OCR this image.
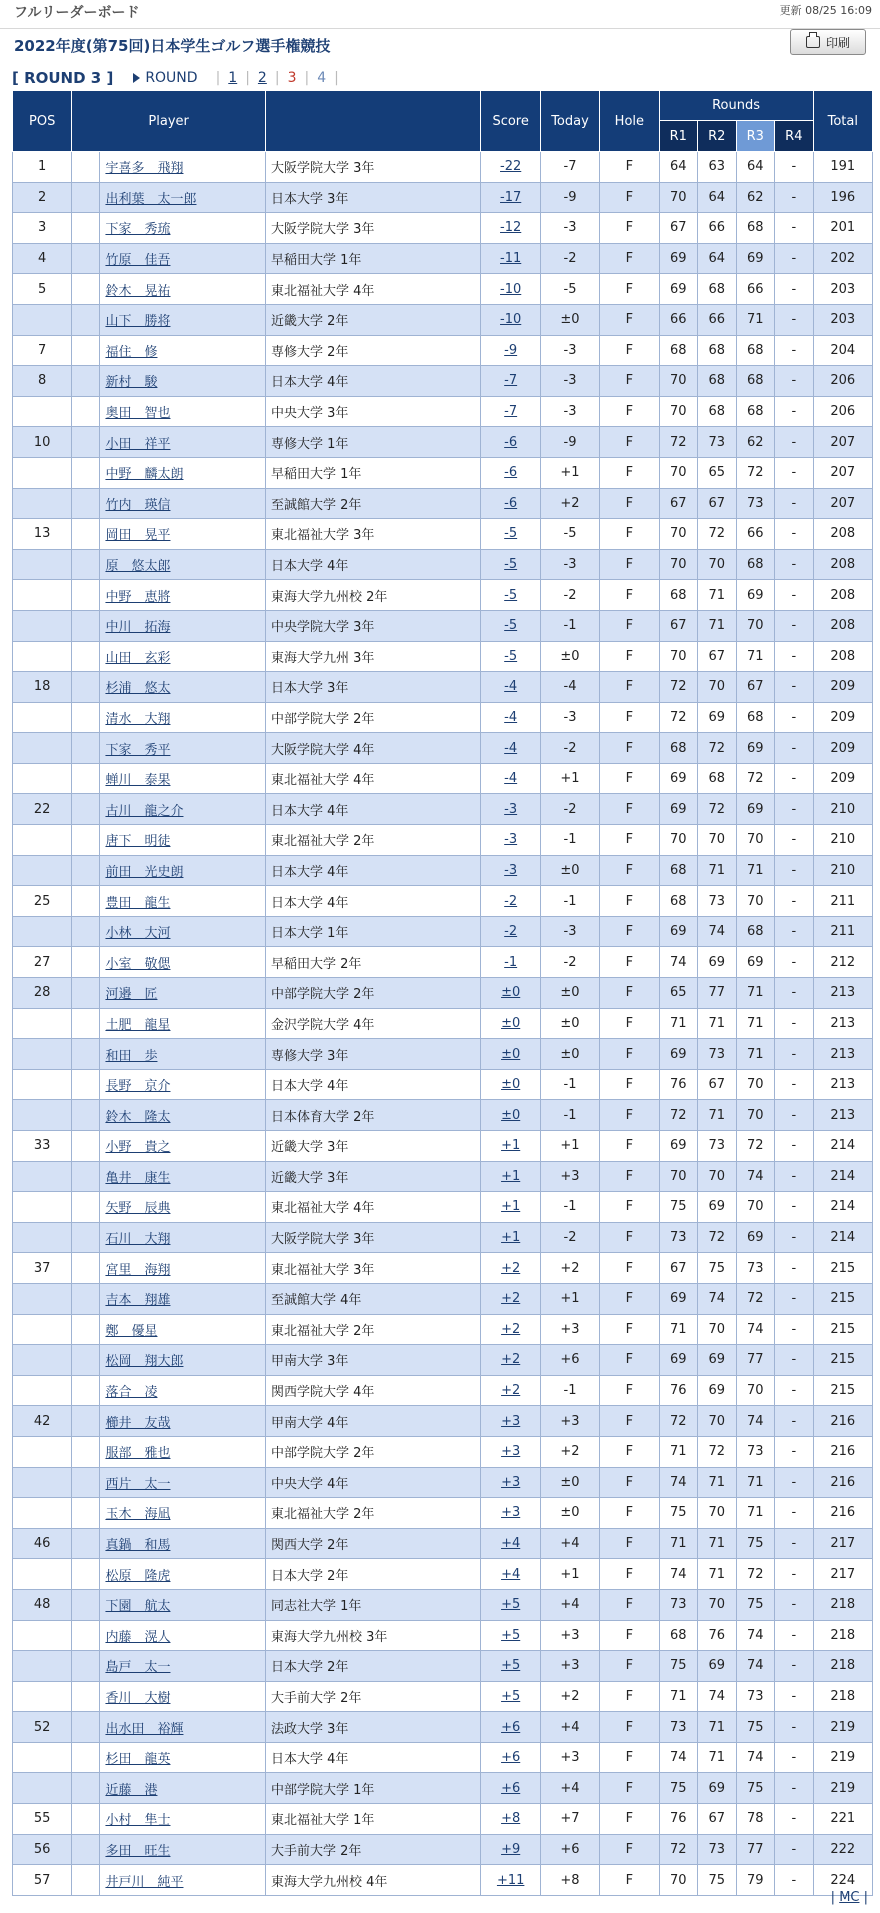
フルリーダーボード	更新 08/25 16:09
2022年度(第75回)日本学生ゴルフ選手権競技	印刷
[ ROUND 3 ] ROUND | 1 | 2 | 3 | 4 |
POS	Player			Score	Today	Hole	Rounds				Total
							R1	R2	R3	R4	
1		宇喜多　飛翔	大阪学院大学 3年	-22	-7	F	64	63	64	-	191
2		出利葉　太一郎	日本大学 3年	-17	-9	F	70	64	62	-	196
3		下家　秀琉	大阪学院大学 3年	-12	-3	F	67	66	68	-	201
4		竹原　佳吾	早稲田大学 1年	-11	-2	F	69	64	69	-	202
5		鈴木　晃祐	東北福祉大学 4年	-10	-5	F	69	68	66	-	203
		山下　勝将	近畿大学 2年	-10	±0	F	66	66	71	-	203
7		福住　修	専修大学 2年	-9	-3	F	68	68	68	-	204
8		新村　駿	日本大学 4年	-7	-3	F	70	68	68	-	206
		奥田　智也	中央大学 3年	-7	-3	F	70	68	68	-	206
10		小田　祥平	専修大学 1年	-6	-9	F	72	73	62	-	207
		中野　麟太朗	早稲田大学 1年	-6	+1	F	70	65	72	-	207
		竹内　瑛信	至誠館大学 2年	-6	+2	F	67	67	73	-	207
13		岡田　晃平	東北福祉大学 3年	-5	-5	F	70	72	66	-	208
		原　悠太郎	日本大学 4年	-5	-3	F	70	70	68	-	208
		中野　恵將	東海大学九州校 2年	-5	-2	F	68	71	69	-	208
		中川　拓海	中央学院大学 3年	-5	-1	F	67	71	70	-	208
		山田　玄彩	東海大学九州 3年	-5	±0	F	70	67	71	-	208
18		杉浦　悠太	日本大学 3年	-4	-4	F	72	70	67	-	209
		清水　大翔	中部学院大学 2年	-4	-3	F	72	69	68	-	209
		下家　秀平	大阪学院大学 4年	-4	-2	F	68	72	69	-	209
		蝉川　泰果	東北福祉大学 4年	-4	+1	F	69	68	72	-	209
22		古川　龍之介	日本大学 4年	-3	-2	F	69	72	69	-	210
		唐下　明徒	東北福祉大学 2年	-3	-1	F	70	70	70	-	210
		前田　光史朗	日本大学 4年	-3	±0	F	68	71	71	-	210
25		豊田　龍生	日本大学 4年	-2	-1	F	68	73	70	-	211
		小林　大河	日本大学 1年	-2	-3	F	69	74	68	-	211
27		小室　敬偲	早稲田大学 2年	-1	-2	F	74	69	69	-	212
28		河邉　匠	中部学院大学 2年	±0	±0	F	65	77	71	-	213
		土肥　龍星	金沢学院大学 4年	±0	±0	F	71	71	71	-	213
		和田　歩	専修大学 3年	±0	±0	F	69	73	71	-	213
		長野　京介	日本大学 4年	±0	-1	F	76	67	70	-	213
		鈴木　隆太	日本体育大学 2年	±0	-1	F	72	71	70	-	213
33		小野　貴之	近畿大学 3年	+1	+1	F	69	73	72	-	214
		亀井　康生	近畿大学 3年	+1	+3	F	70	70	74	-	214
		矢野　辰典	東北福祉大学 4年	+1	-1	F	75	69	70	-	214
		石川　大翔	大阪学院大学 3年	+1	-2	F	73	72	69	-	214
37		宮里　海翔	東北福祉大学 3年	+2	+2	F	67	75	73	-	215
		吉本　翔雄	至誠館大学 4年	+2	+1	F	69	74	72	-	215
		鄭　優星	東北福祉大学 2年	+2	+3	F	71	70	74	-	215
		松岡　翔大郎	甲南大学 3年	+2	+6	F	69	69	77	-	215
		落合　凌	関西学院大学 4年	+2	-1	F	76	69	70	-	215
42		櫛井　友哉	甲南大学 4年	+3	+3	F	72	70	74	-	216
		服部　雅也	中部学院大学 2年	+3	+2	F	71	72	73	-	216
		西片　太一	中央大学 4年	+3	±0	F	74	71	71	-	216
		玉木　海凪	東北福祉大学 2年	+3	±0	F	75	70	71	-	216
46		真鍋　和馬	関西大学 2年	+4	+4	F	71	71	75	-	217
		松原　隆虎	日本大学 2年	+4	+1	F	74	71	72	-	217
48		下園　航太	同志社大学 1年	+5	+4	F	73	70	75	-	218
		内藤　滉人	東海大学九州校 3年	+5	+3	F	68	76	74	-	218
		島戸　太一	日本大学 2年	+5	+3	F	75	69	74	-	218
		香川　大樹	大手前大学 2年	+5	+2	F	71	74	73	-	218
52		出水田　裕輝	法政大学 3年	+6	+4	F	73	71	75	-	219
		杉田　龍英	日本大学 4年	+6	+3	F	74	71	74	-	219
		近藤　港	中部学院大学 1年	+6	+4	F	75	69	75	-	219
55		小村　隼士	東北福祉大学 1年	+8	+7	F	76	67	78	-	221
56		多田　旺生	大手前大学 2年	+9	+6	F	72	73	77	-	222
57		井戸川　純平	東海大学九州校 4年	+11	+8	F	70	75	79	-	224
| MC |
